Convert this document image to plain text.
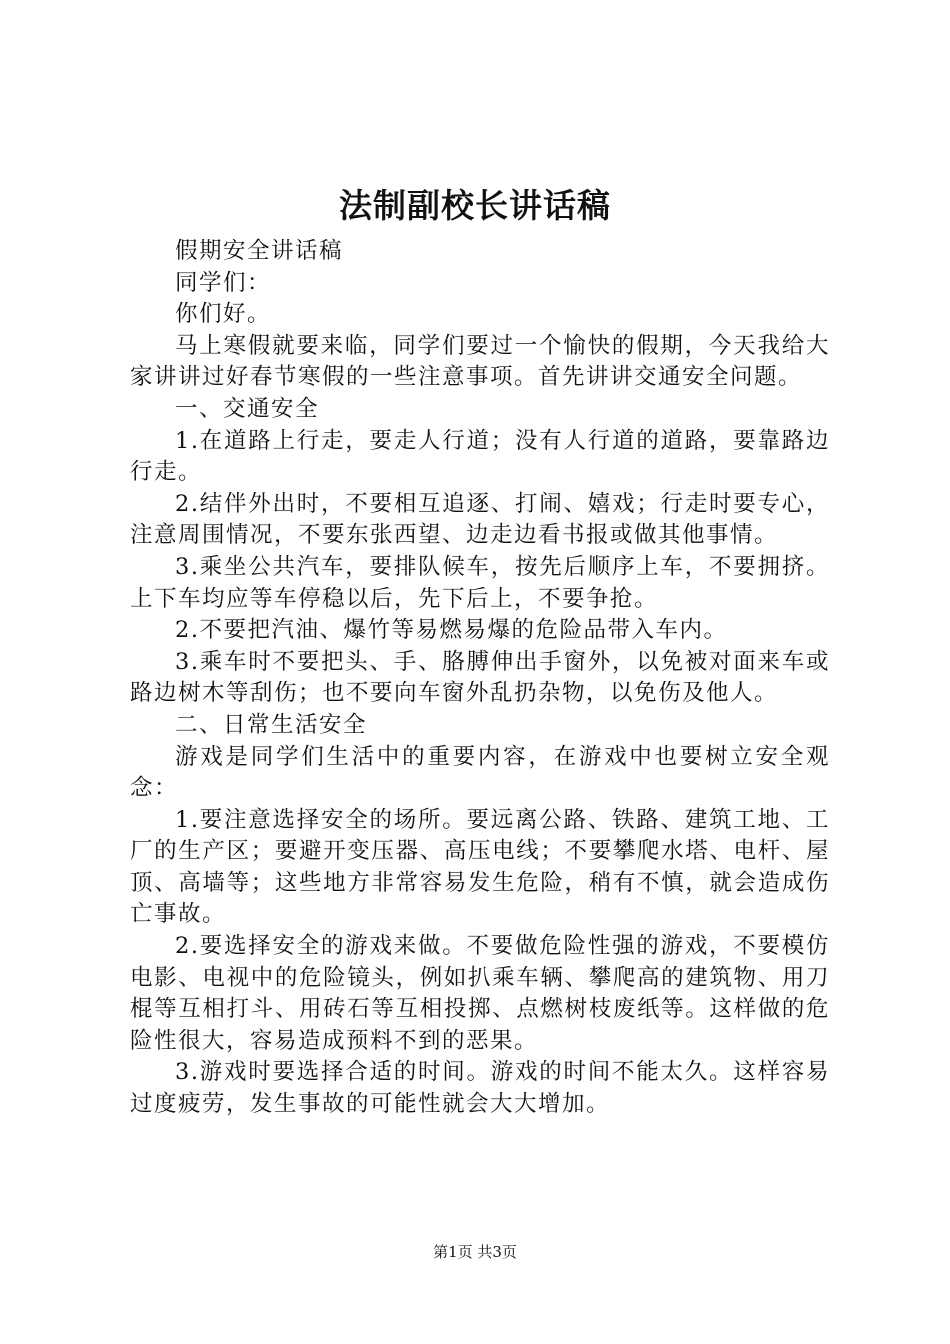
法制副校长讲话稿

假期安全讲话稿

同学们：

你们好。

马上寒假就要来临，同学们要过一个愉快的假期，今天我给大家讲讲过好春节寒假的一些注意事项。首先讲讲交通安全问题。

一、交通安全

1.在道路上行走，要走人行道；没有人行道的道路，要靠路边行走。

2.结伴外出时，不要相互追逐、打闹、嬉戏；行走时要专心，注意周围情况，不要东张西望、边走边看书报或做其他事情。

3.乘坐公共汽车，要排队候车，按先后顺序上车，不要拥挤。上下车均应等车停稳以后，先下后上，不要争抢。

2.不要把汽油、爆竹等易燃易爆的危险品带入车内。

3.乘车时不要把头、手、胳膊伸出手窗外，以免被对面来车或路边树木等刮伤；也不要向车窗外乱扔杂物，以免伤及他人。

二、日常生活安全

游戏是同学们生活中的重要内容，在游戏中也要树立安全观念：

1.要注意选择安全的场所。要远离公路、铁路、建筑工地、工厂的生产区；要避开变压器、高压电线；不要攀爬水塔、电杆、屋顶、高墙等；这些地方非常容易发生危险，稍有不慎，就会造成伤亡事故。

2.要选择安全的游戏来做。不要做危险性强的游戏，不要模仿电影、电视中的危险镜头，例如扒乘车辆、攀爬高的建筑物、用刀棍等互相打斗、用砖石等互相投掷、点燃树枝废纸等。这样做的危险性很大，容易造成预料不到的恶果。

3.游戏时要选择合适的时间。游戏的时间不能太久。这样容易过度疲劳，发生事故的可能性就会大大增加。

第1页 共3页
